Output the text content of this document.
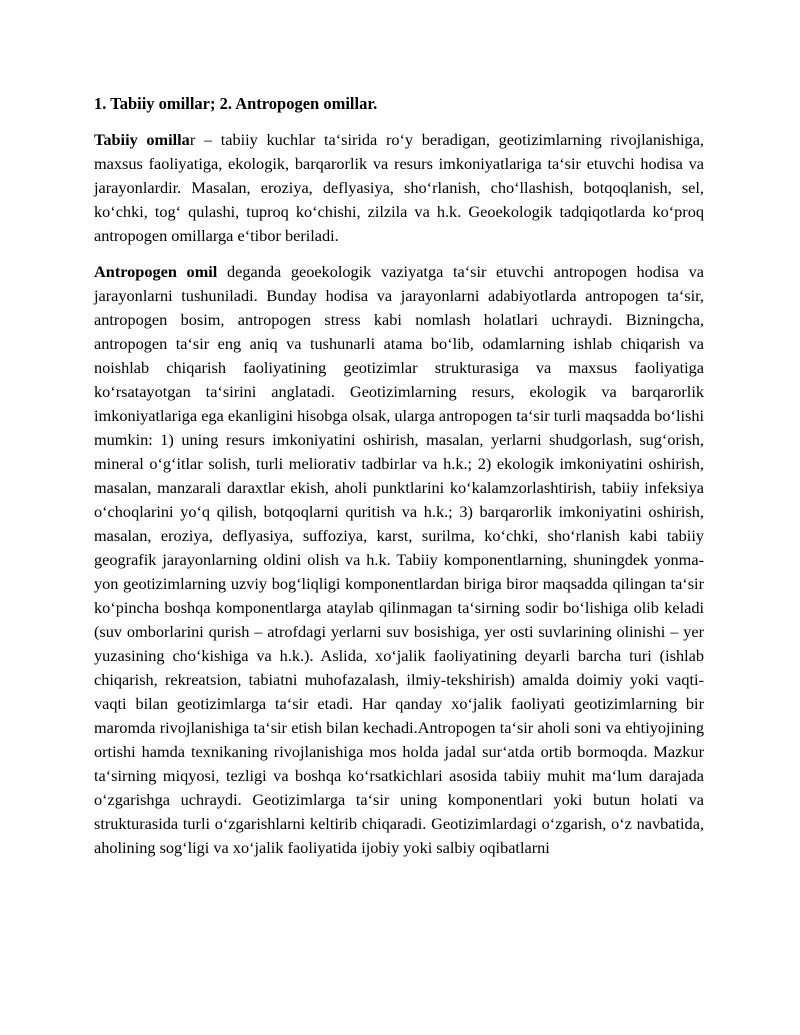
1. Tabiiy omillar; 2. Antropogen omillar.

Tabiiy omillar – tabiiy kuchlar ta‘sirida ro‘y beradigan, geotizimlarning rivojlanishiga, maxsus faoliyatiga, ekologik, barqarorlik va resurs imkoniyatlariga ta‘sir etuvchi hodisa va jarayonlardir. Masalan, eroziya, deflyasiya, sho‘rlanish, cho‘llashish, botqoqlanish, sel, ko‘chki, tog‘ qulashi, tuproq ko‘chishi, zilzila va h.k. Geoekologik tadqiqotlarda ko‘proq antropogen omillarga e‘tibor beriladi.

Antropogen omil deganda geoekologik vaziyatga ta‘sir etuvchi antropogen hodisa va jarayonlarni tushuniladi. Bunday hodisa va jarayonlarni adabiyotlarda antropogen ta‘sir, antropogen bosim, antropogen stress kabi nomlash holatlari uchraydi. Bizningcha, antropogen ta‘sir eng aniq va tushunarli atama bo‘lib, odamlarning ishlab chiqarish va noishlab chiqarish faoliyatining geotizimlar strukturasiga va maxsus faoliyatiga ko‘rsatayotgan ta‘sirini anglatadi. Geotizimlarning resurs, ekologik va barqarorlik imkoniyatlariga ega ekanligini hisobga olsak, ularga antropogen ta‘sir turli maqsadda bo‘lishi mumkin: 1) uning resurs imkoniyatini oshirish, masalan, yerlarni shudgorlash, sug‘orish, mineral o‘g‘itlar solish, turli meliorativ tadbirlar va h.k.; 2) ekologik imkoniyatini oshirish, masalan, manzarali daraxtlar ekish, aholi punktlarini ko‘kalamzorlashtirish, tabiiy infeksiya o‘choqlarini yo‘q qilish, botqoqlarni quritish va h.k.; 3) barqarorlik imkoniyatini oshirish, masalan, eroziya, deflyasiya, suffoziya, karst, surilma, ko‘chki, sho‘rlanish kabi tabiiy geografik jarayonlarning oldini olish va h.k. Tabiiy komponentlarning, shuningdek yonma-yon geotizimlarning uzviy bog‘liqligi komponentlardan biriga biror maqsadda qilingan ta‘sir ko‘pincha boshqa komponentlarga ataylab qilinmagan ta‘sirning sodir bo‘lishiga olib keladi (suv omborlarini qurish – atrofdagi yerlarni suv bosishiga, yer osti suvlarining olinishi – yer yuzasining cho‘kishiga va h.k.). Aslida, xo‘jalik faoliyatining deyarli barcha turi (ishlab chiqarish, rekreatsion, tabiatni muhofazalash, ilmiy-tekshirish) amalda doimiy yoki vaqti-vaqti bilan geotizimlarga ta‘sir etadi. Har qanday xo‘jalik faoliyati geotizimlarning bir maromda rivojlanishiga ta‘sir etish bilan kechadi.Antropogen ta‘sir aholi soni va ehtiyojining ortishi hamda texnikaning rivojlanishiga mos holda jadal sur‘atda ortib bormoqda. Mazkur ta‘sirning miqyosi, tezligi va boshqa ko‘rsatkichlari asosida tabiiy muhit ma‘lum darajada o‘zgarishga uchraydi. Geotizimlarga ta‘sir uning komponentlari yoki butun holati va strukturasida turli o‘zgarishlarni keltirib chiqaradi. Geotizimlardagi o‘zgarish, o‘z navbatida, aholining sog‘ligi va xo‘jalik faoliyatida ijobiy yoki salbiy oqibatlarni
